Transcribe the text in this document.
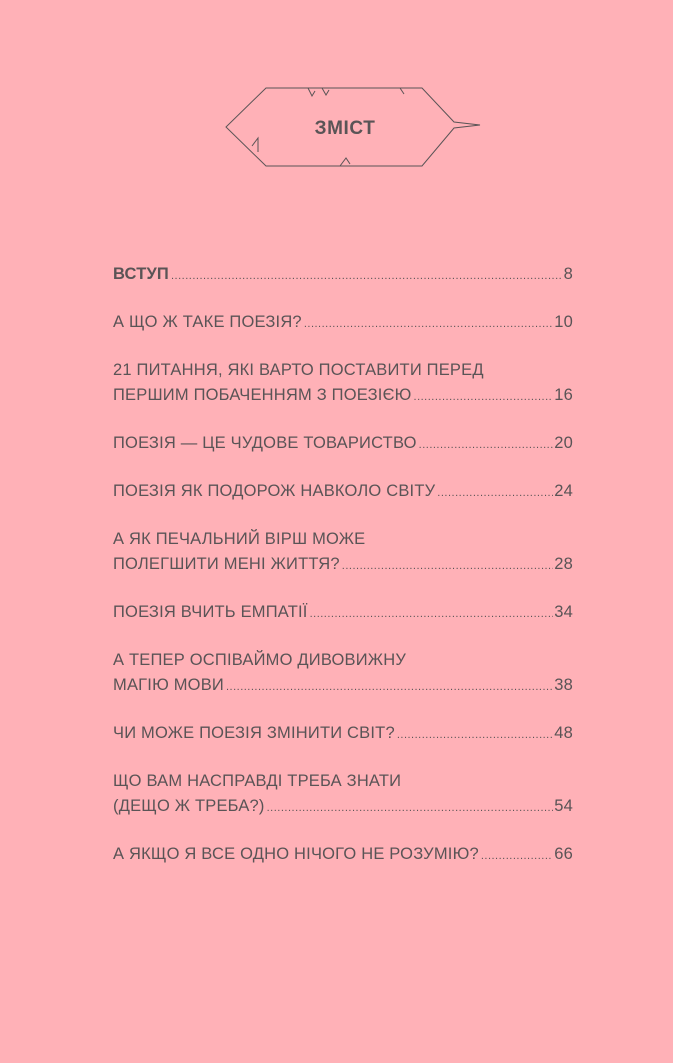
ЗМІСТ
ВСТУП .....	8
А ЩО Ж ТАКЕ ПОЕЗІЯ? .....	10
21 ПИТАННЯ, ЯКІ ВАРТО ПОСТАВИТИ ПЕРЕД
ПЕРШИМ ПОБАЧЕННЯМ З ПОЕЗІЄЮ .....	16
ПОЕЗІЯ — ЦЕ ЧУДОВЕ ТОВАРИСТВО .....	20
ПОЕЗІЯ ЯК ПОДОРОЖ НАВКОЛО СВІТУ .....	24
А ЯК ПЕЧАЛЬНИЙ ВІРШ МОЖЕ
ПОЛЕГШИТИ МЕНІ ЖИТТЯ? .....	28
ПОЕЗІЯ ВЧИТЬ ЕМПАТІЇ .....	34
А ТЕПЕР ОСПІВАЙМО ДИВОВИЖНУ
МАГІЮ МОВИ .....	38
ЧИ МОЖЕ ПОЕЗІЯ ЗМІНИТИ СВІТ? .....	48
ЩО ВАМ НАСПРАВДІ ТРЕБА ЗНАТИ
(ДЕЩО Ж ТРЕБА?) .....	54
А ЯКЩО Я ВСЕ ОДНО НІЧОГО НЕ РОЗУМІЮ? .....	66
